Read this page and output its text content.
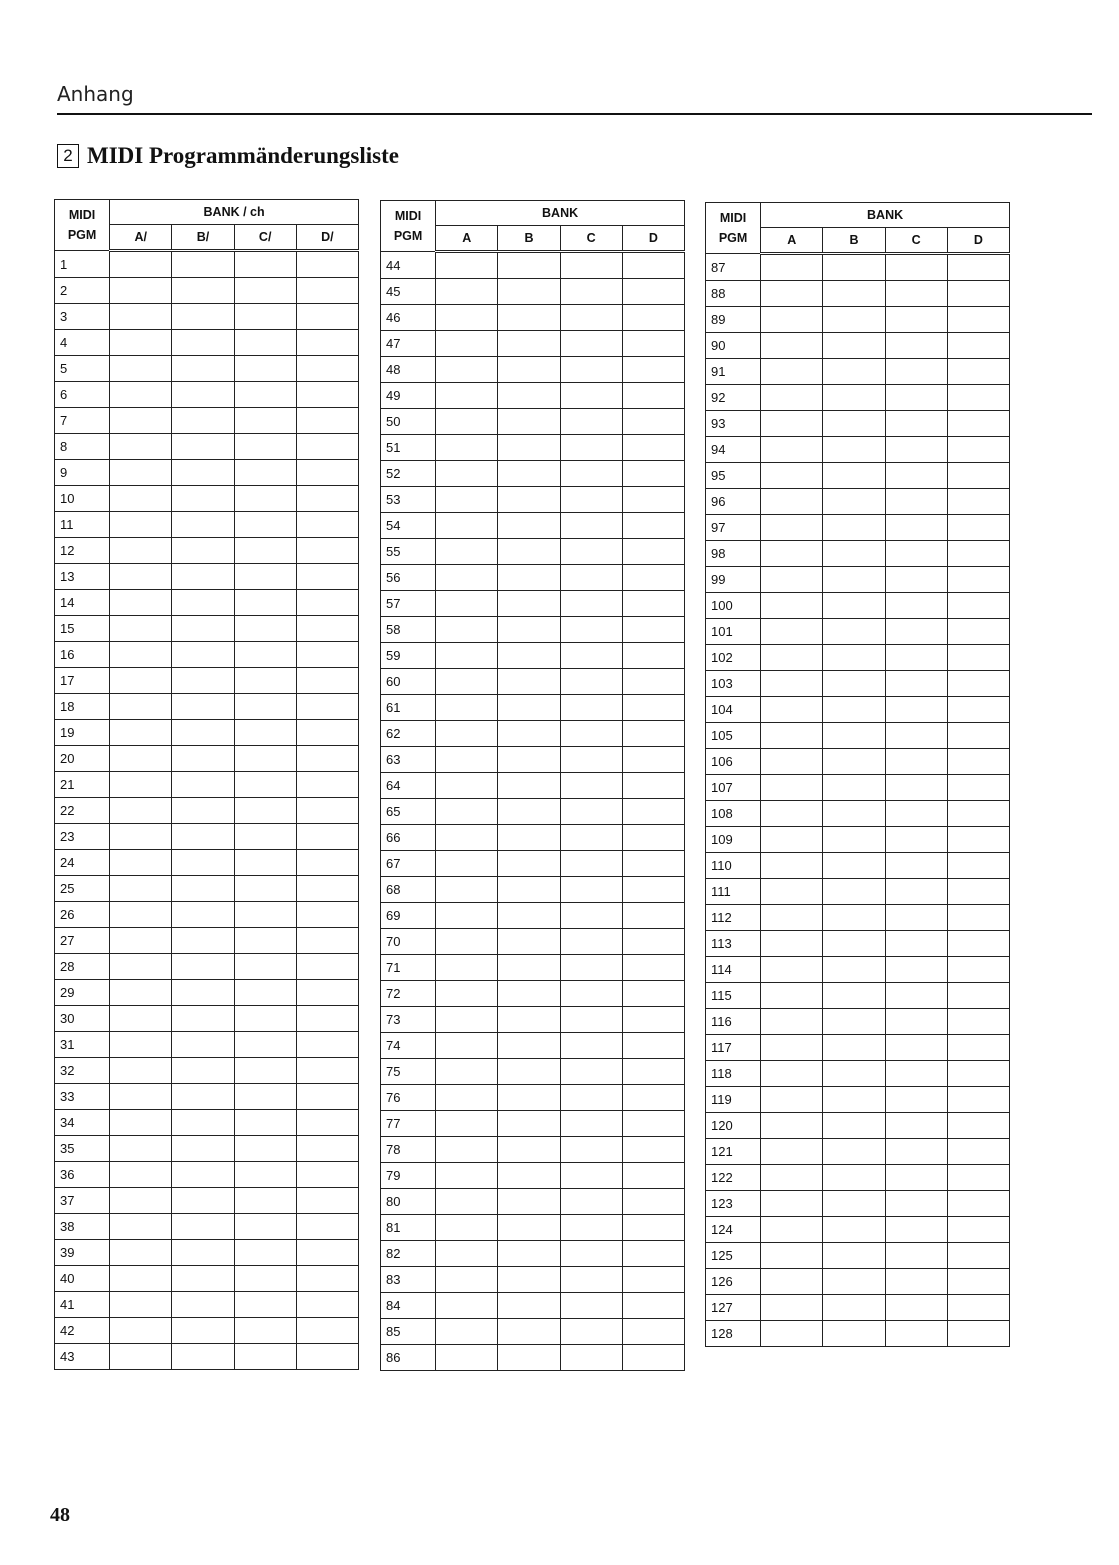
Anhang
2 MIDI Programmänderungsliste
MIDI
PGM	BANK / ch			
	A/	B/	C/	D/
1				
2				
3				
4				
5				
6				
7				
8				
9				
10				
11				
12				
13				
14				
15				
16				
17				
18				
19				
20				
21				
22				
23				
24				
25				
26				
27				
28				
29				
30				
31				
32				
33				
34				
35				
36				
37				
38				
39				
40				
41				
42				
43				
MIDI
PGM	BANK			
	A	B	C	D
44				
45				
46				
47				
48				
49				
50				
51				
52				
53				
54				
55				
56				
57				
58				
59				
60				
61				
62				
63				
64				
65				
66				
67				
68				
69				
70				
71				
72				
73				
74				
75				
76				
77				
78				
79				
80				
81				
82				
83				
84				
85				
86				
MIDI
PGM	BANK			
	A	B	C	D
87				
88				
89				
90				
91				
92				
93				
94				
95				
96				
97				
98				
99				
100				
101				
102				
103				
104				
105				
106				
107				
108				
109				
110				
111				
112				
113				
114				
115				
116				
117				
118				
119				
120				
121				
122				
123				
124				
125				
126				
127				
128				
48
